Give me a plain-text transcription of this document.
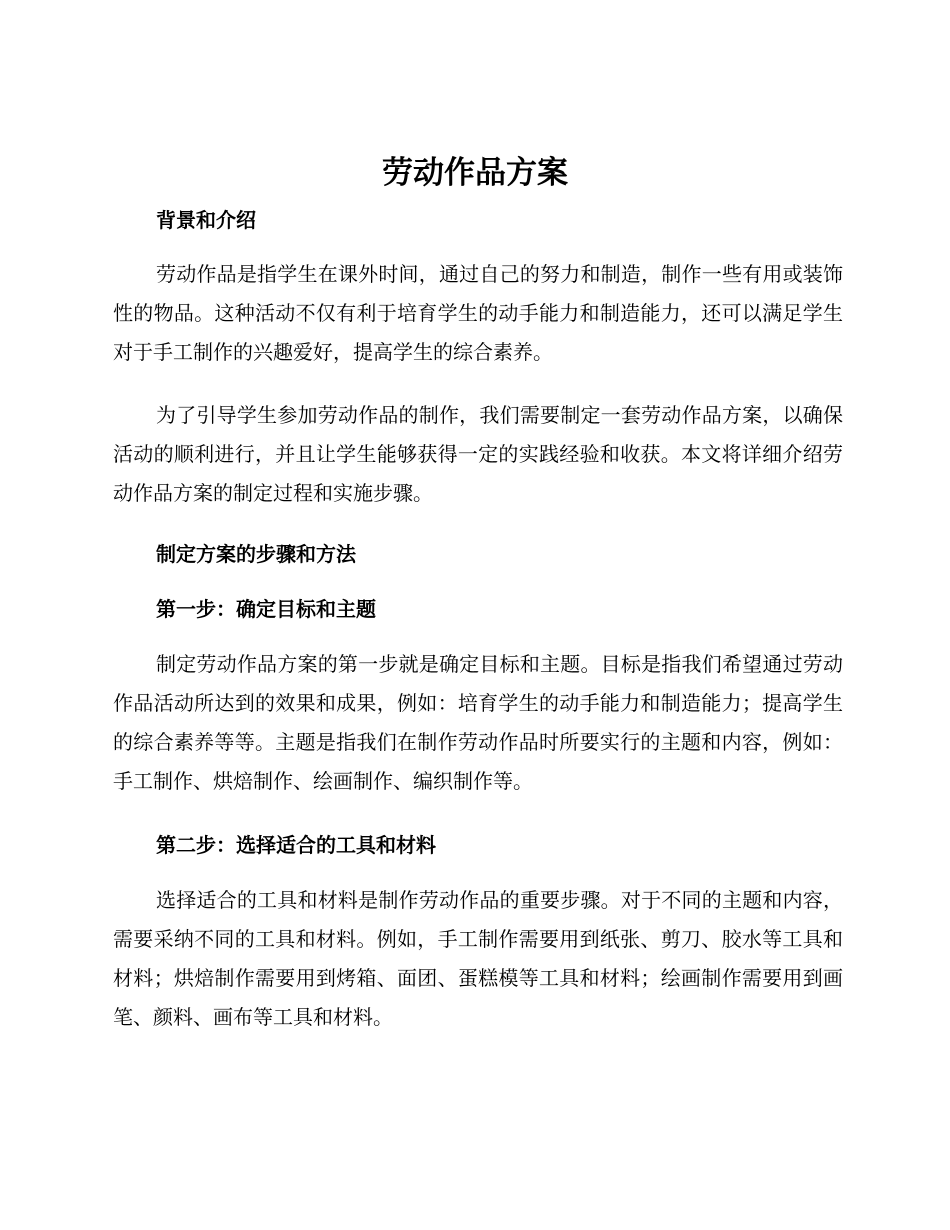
劳动作品方案
背景和介绍

劳动作品是指学生在课外时间，通过自己的努力和制造，制作一些有用或装饰性的物品。这种活动不仅有利于培育学生的动手能力和制造能力，还可以满足学生对于手工制作的兴趣爱好，提高学生的综合素养。

为了引导学生参加劳动作品的制作，我们需要制定一套劳动作品方案，以确保活动的顺利进行，并且让学生能够获得一定的实践经验和收获。本文将详细介绍劳动作品方案的制定过程和实施步骤。

制定方案的步骤和方法
第一步：确定目标和主题

制定劳动作品方案的第一步就是确定目标和主题。目标是指我们希望通过劳动作品活动所达到的效果和成果，例如：培育学生的动手能力和制造能力；提高学生的综合素养等等。主题是指我们在制作劳动作品时所要实行的主题和内容，例如：手工制作、烘焙制作、绘画制作、编织制作等。

第二步：选择适合的工具和材料

选择适合的工具和材料是制作劳动作品的重要步骤。对于不同的主题和内容，需要采纳不同的工具和材料。例如，手工制作需要用到纸张、剪刀、胶水等工具和材料；烘焙制作需要用到烤箱、面团、蛋糕模等工具和材料；绘画制作需要用到画笔、颜料、画布等工具和材料。
